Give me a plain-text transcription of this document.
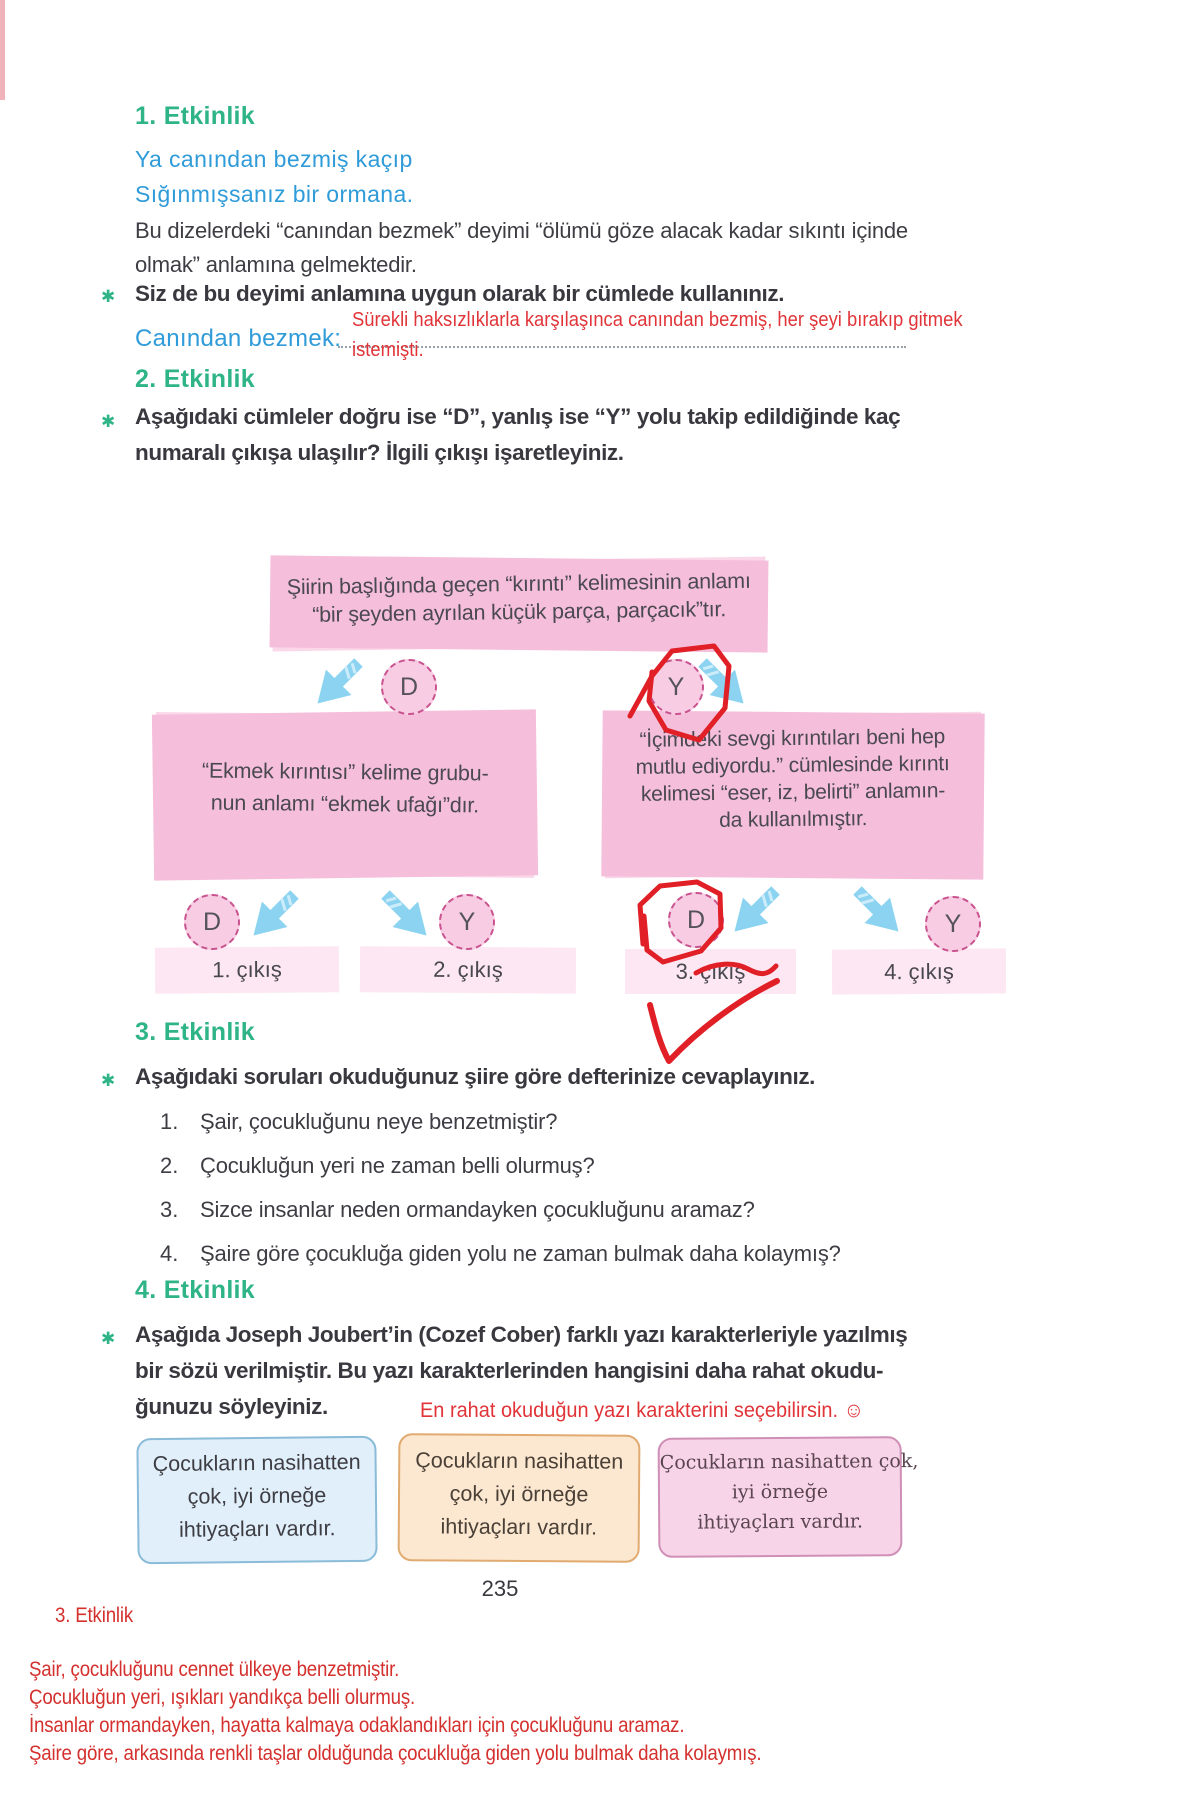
1. Etkinlik
Ya canından bezmiş kaçıp
Sığınmışsanız bir ormana.
Bu dizelerdeki “canından bezmek” deyimi “ölümü göze alacak kadar sıkıntı içinde
olmak” anlamına gelmektedir.
✱ Siz de bu deyimi anlamına uygun olarak bir cümlede kullanınız.
Canından bezmek:
Sürekli haksızlıklarla karşılaşınca canından bezmiş, her şeyi bırakıp gitmek
istemişti.
2. Etkinlik
✱ Aşağıdaki cümleler doğru ise “D”, yanlış ise “Y” yolu takip edildiğinde kaç
numaralı çıkışa ulaşılır? İlgili çıkışı işaretleyiniz.
Şiirin başlığında geçen “kırıntı” kelimesinin anlamı
“bir şeyden ayrılan küçük parça, parçacık”tır.
D	Y
“Ekmek kırıntısı” kelime grubu-
nun anlamı “ekmek ufağı”dır.
“İçimdeki sevgi kırıntıları beni hep
mutlu ediyordu.” cümlesinde kırıntı
kelimesi “eser, iz, belirti” anlamın-
da kullanılmıştır.
D	Y	D	Y
1. çıkış	2. çıkış	3. çıkış	4. çıkış
3. Etkinlik
✱ Aşağıdaki soruları okuduğunuz şiire göre defterinize cevaplayınız.
1. Şair, çocukluğunu neye benzetmiştir?
2. Çocukluğun yeri ne zaman belli olurmuş?
3. Sizce insanlar neden ormandayken çocukluğunu aramaz?
4. Şaire göre çocukluğa giden yolu ne zaman bulmak daha kolaymış?
4. Etkinlik
✱ Aşağıda Joseph Joubert’in (Cozef Cober) farklı yazı karakterleriyle yazılmış
bir sözü verilmiştir. Bu yazı karakterlerinden hangisini daha rahat okudu-
ğunuzu söyleyiniz.	En rahat okuduğun yazı karakterini seçebilirsin. ☺
Çocukların nasihatten
çok, iyi örneğe
ihtiyaçları vardır.
Çocukların nasihatten
çok, iyi örneğe
ihtiyaçları vardır.
Çocukların nasihatten çok,
iyi örneğe
ihtiyaçları vardır.
235
3. Etkinlik
Şair, çocukluğunu cennet ülkeye benzetmiştir.
Çocukluğun yeri, ışıkları yandıkça belli olurmuş.
İnsanlar ormandayken, hayatta kalmaya odaklandıkları için çocukluğunu aramaz.
Şaire göre, arkasında renkli taşlar olduğunda çocukluğa giden yolu bulmak daha kolaymış.
